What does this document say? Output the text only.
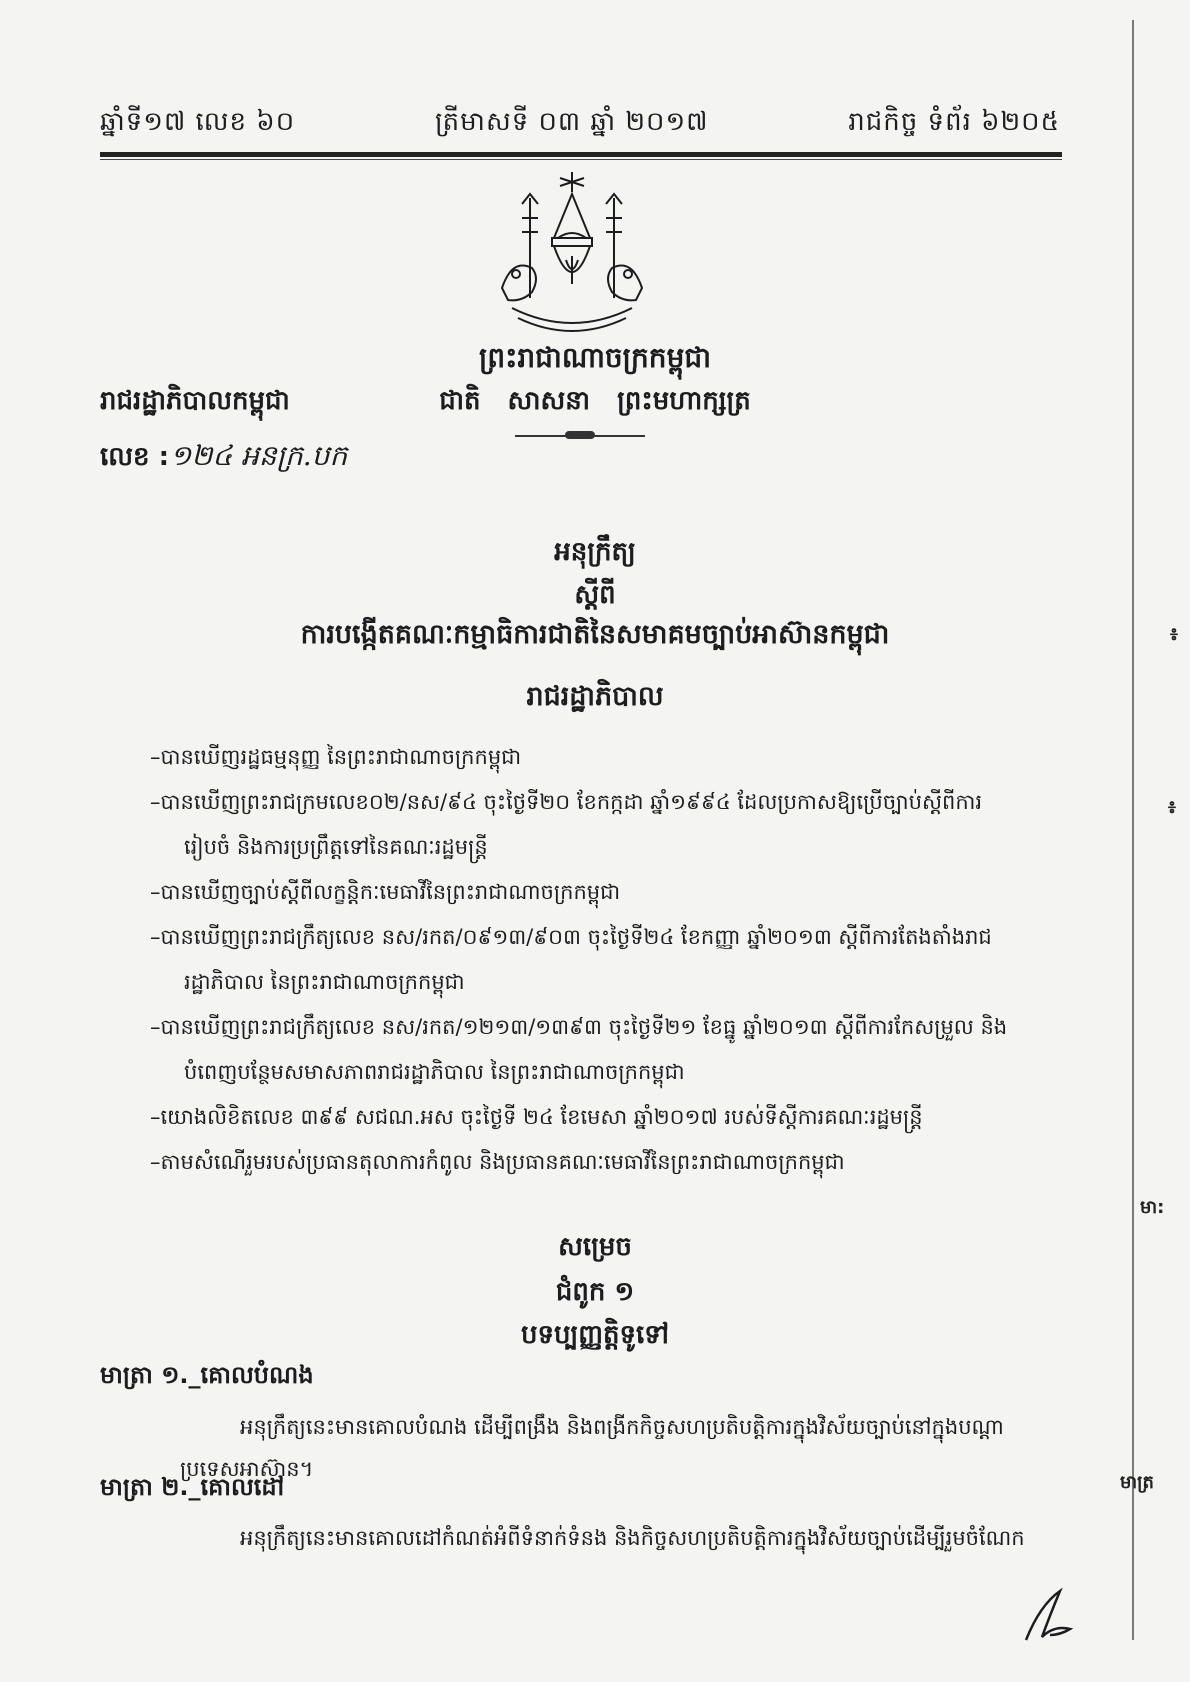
ឆ្នាំទី១៧ លេខ ៦០	ត្រីមាសទី ០៣ ឆ្នាំ ២០១៧	រាជកិច្ច ទំព័រ ៦២០៥
ព្រះរាជាណាចក្រកម្ពុជា
រាជរដ្ឋាភិបាលកម្ពុជា	ជាតិ សាសនា ព្រះមហាក្សត្រ
លេខ : ១២៤ អនក្រ.បក
អនុក្រឹត្យ
ស្តីពី
ការបង្កើតគណៈកម្មាធិការជាតិនៃសមាគមច្បាប់អាស៊ានកម្ពុជា
រាជរដ្ឋាភិបាល
–បានឃើញរដ្ឋធម្មនុញ្ញ នៃព្រះរាជាណាចក្រកម្ពុជា
–បានឃើញព្រះរាជក្រមលេខ០២/នស/៩៤ ចុះថ្ងៃទី២០ ខែកក្កដា ឆ្នាំ១៩៩៤ ដែលប្រកាសឱ្យប្រើច្បាប់ស្តីពីការ
រៀបចំ និងការប្រព្រឹត្តទៅនៃគណៈរដ្ឋមន្ត្រី
–បានឃើញច្បាប់ស្តីពីលក្ខន្តិកៈមេធាវីនៃព្រះរាជាណាចក្រកម្ពុជា
–បានឃើញព្រះរាជក្រឹត្យលេខ នស/រកត/០៩១៣/៩០៣ ចុះថ្ងៃទី២៤ ខែកញ្ញា ឆ្នាំ២០១៣ ស្តីពីការតែងតាំងរាជ
រដ្ឋាភិបាល នៃព្រះរាជាណាចក្រកម្ពុជា
–បានឃើញព្រះរាជក្រឹត្យលេខ នស/រកត/១២១៣/១៣៩៣ ចុះថ្ងៃទី២១ ខែធ្នូ ឆ្នាំ២០១៣ ស្តីពីការកែសម្រួល និង
បំពេញបន្ថែមសមាសភាពរាជរដ្ឋាភិបាល នៃព្រះរាជាណាចក្រកម្ពុជា
–យោងលិខិតលេខ ៣៩៩ សជណ.អស ចុះថ្ងៃទី ២៤ ខែមេសា ឆ្នាំ២០១៧ របស់ទីស្តីការគណៈរដ្ឋមន្ត្រី
–តាមសំណើរួមរបស់ប្រធានតុលាការកំពូល និងប្រធានគណៈមេធាវីនៃព្រះរាជាណាចក្រកម្ពុជា
សម្រេច
ជំពូក ១
បទប្បញ្ញត្តិទូទៅ
មាត្រា ១._គោលបំណង
អនុក្រឹត្យនេះមានគោលបំណង ដើម្បីពង្រឹង និងពង្រីកកិច្ចសហប្រតិបត្តិការក្នុងវិស័យច្បាប់នៅក្នុងបណ្តា
ប្រទេសអាស៊ាន។
មាត្រា ២._គោលដៅ
អនុក្រឹត្យនេះមានគោលដៅកំណត់អំពីទំនាក់ទំនង និងកិច្ចសហប្រតិបត្តិការក្នុងវិស័យច្បាប់ដើម្បីរួមចំណែក
៖
៖
មា:
មាត្រ
